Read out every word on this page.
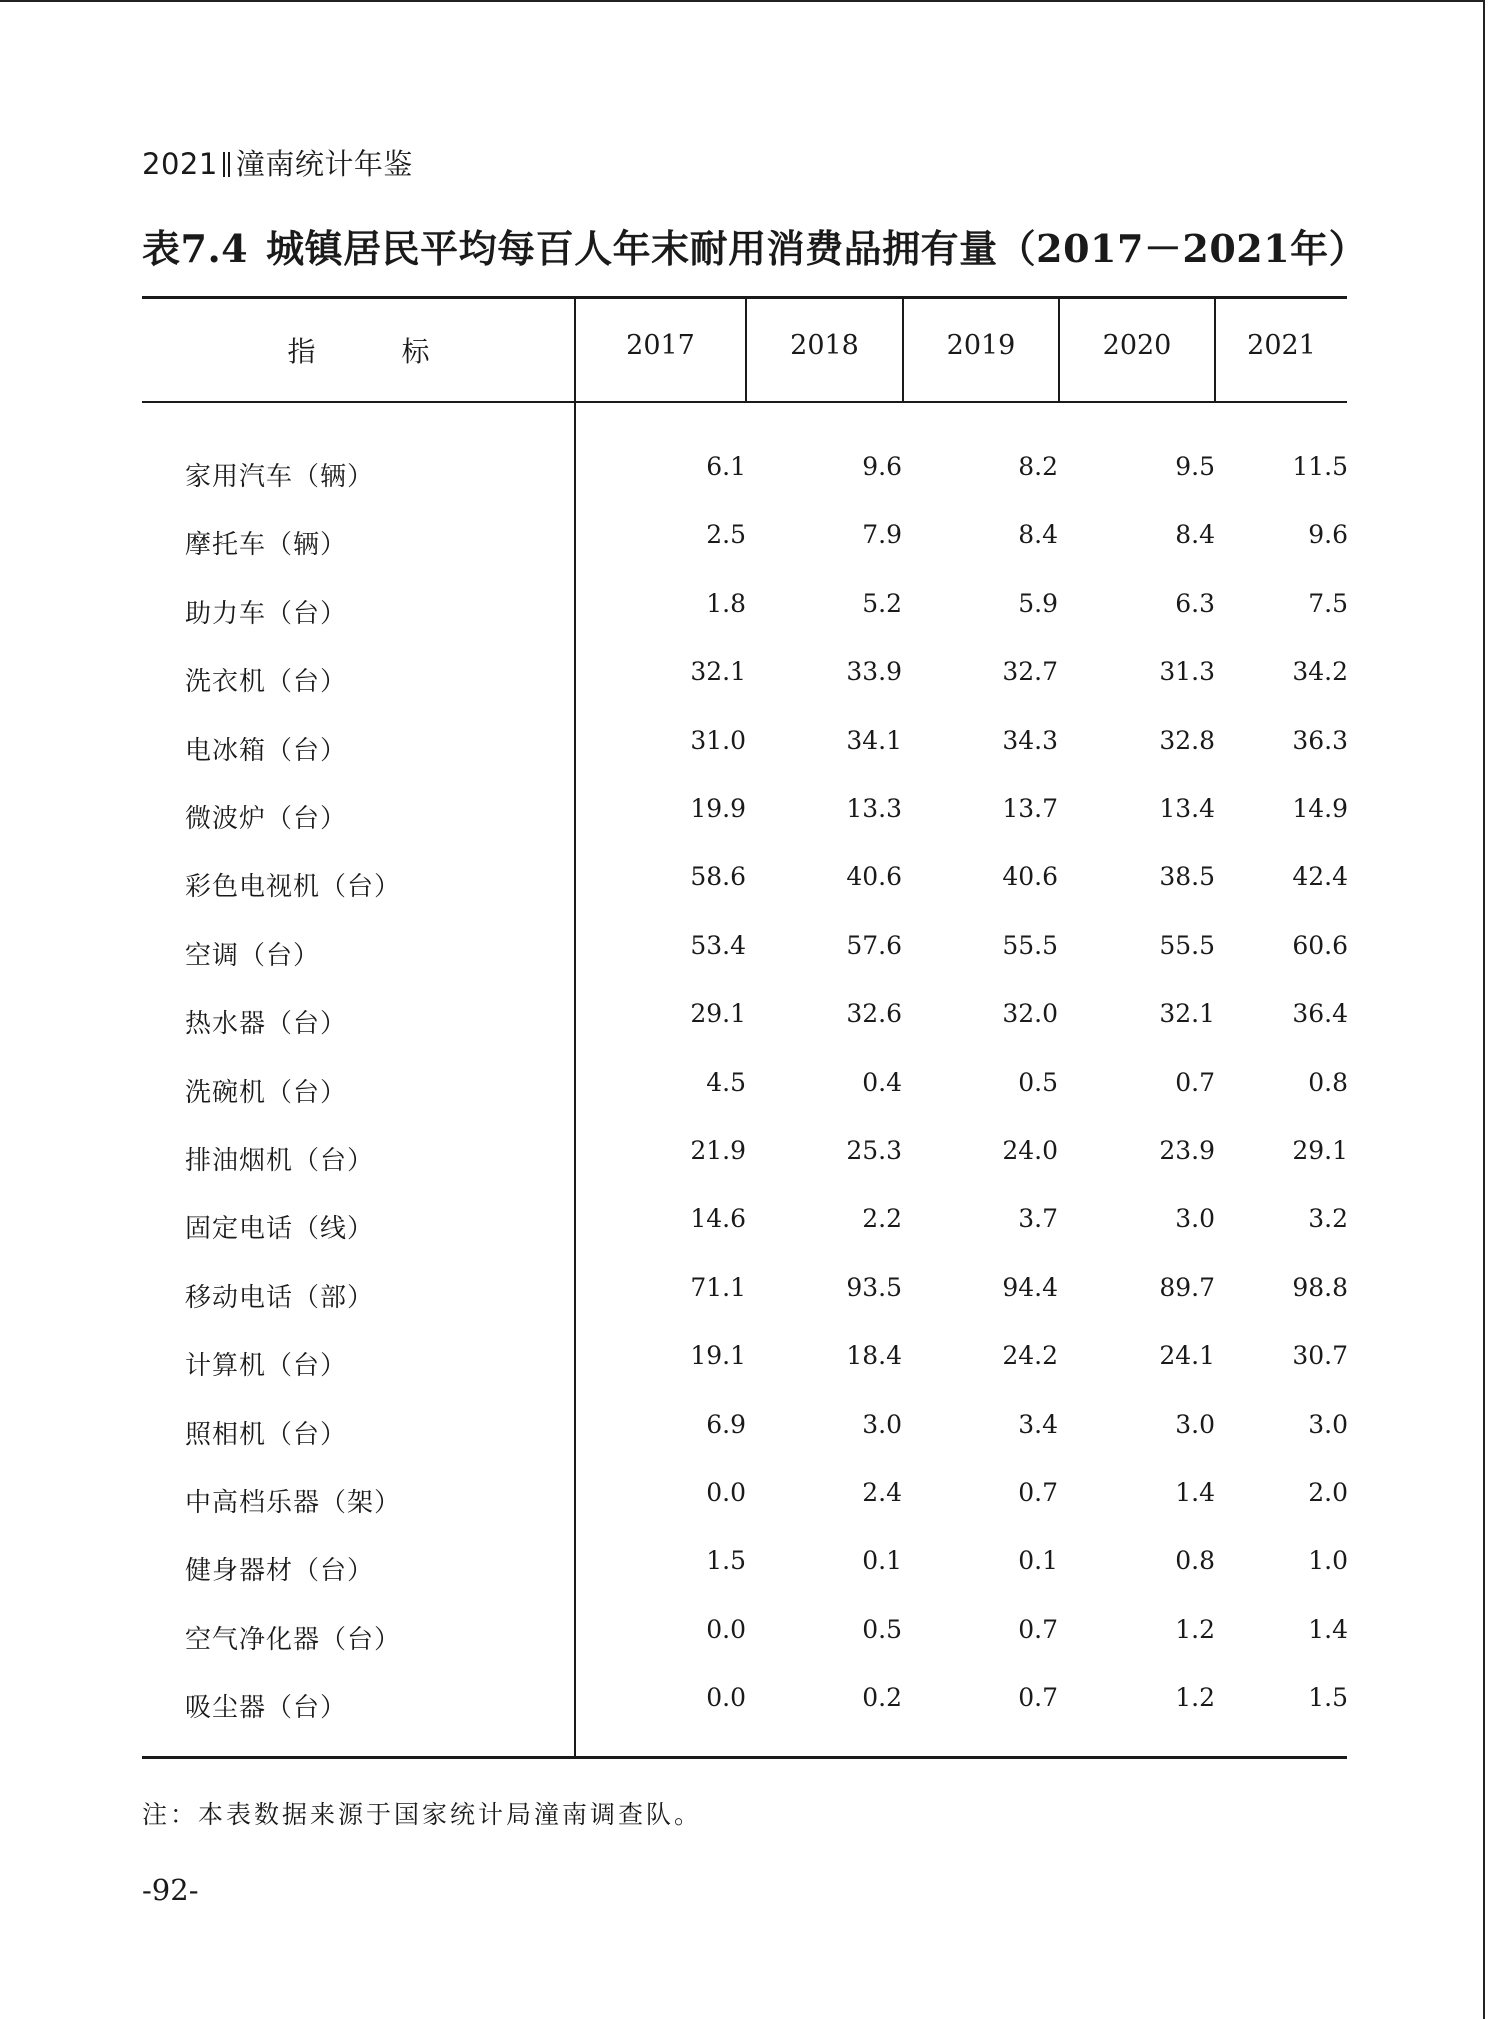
2021 潼南统计年鉴
表7.4 城镇居民平均每百人年末耐用消费品拥有量（2017－2021年）
指	标	2017	2018	2019	2020	2021
家用汽车（辆）	6.1	9.6	8.2	9.5	11.5
摩托车（辆）	2.5	7.9	8.4	8.4	9.6
助力车（台）	1.8	5.2	5.9	6.3	7.5
洗衣机（台）	32.1	33.9	32.7	31.3	34.2
电冰箱（台）	31.0	34.1	34.3	32.8	36.3
微波炉（台）	19.9	13.3	13.7	13.4	14.9
彩色电视机（台）	58.6	40.6	40.6	38.5	42.4
空调（台）	53.4	57.6	55.5	55.5	60.6
热水器（台）	29.1	32.6	32.0	32.1	36.4
洗碗机（台）	4.5	0.4	0.5	0.7	0.8
排油烟机（台）	21.9	25.3	24.0	23.9	29.1
固定电话（线）	14.6	2.2	3.7	3.0	3.2
移动电话（部）	71.1	93.5	94.4	89.7	98.8
计算机（台）	19.1	18.4	24.2	24.1	30.7
照相机（台）	6.9	3.0	3.4	3.0	3.0
中高档乐器（架）	0.0	2.4	0.7	1.4	2.0
健身器材（台）	1.5	0.1	0.1	0.8	1.0
空气净化器（台）	0.0	0.5	0.7	1.2	1.4
吸尘器（台）	0.0	0.2	0.7	1.2	1.5
注：本表数据来源于国家统计局潼南调查队。
-92-
